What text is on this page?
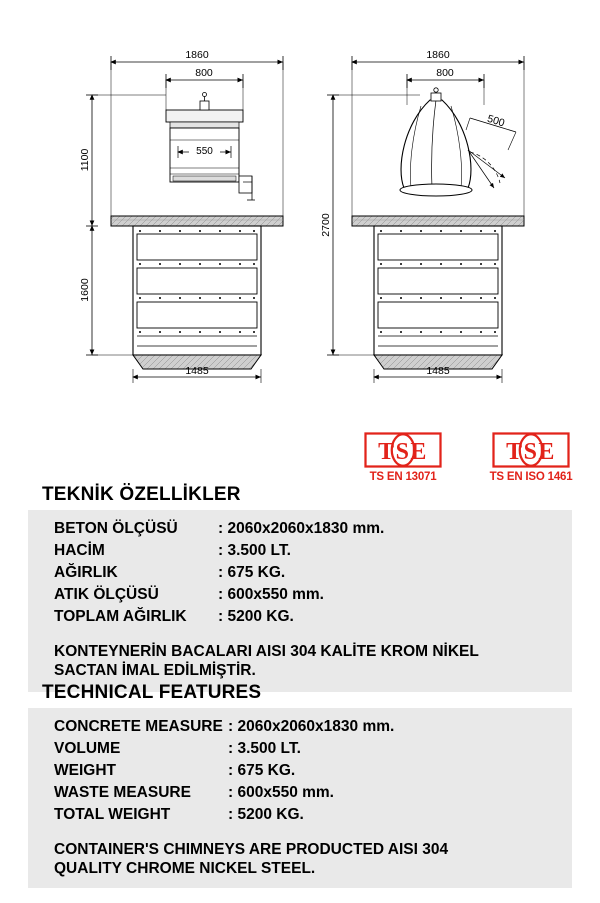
1860
800
1100
1600
550
1485
1860
800
2700
500
1485
TSE
TS EN 13071
TSE
TS EN ISO 1461
TEKNİK ÖZELLİKLER
BETON ÖLÇÜSÜ	: 2060x2060x1830 mm.
HACİM	: 3.500 LT.
AĞIRLIK	: 675 KG.
ATIK ÖLÇÜSÜ	: 600x550 mm.
TOPLAM AĞIRLIK	: 5200 KG.
KONTEYNERİN BACALARI AISI 304 KALİTE KROM NİKEL
SACTAN İMAL EDİLMİŞTİR.
TECHNICAL FEATURES
CONCRETE MEASURE : 2060x2060x1830 mm.
VOLUME	: 3.500 LT.
WEIGHT	: 675 KG.
WASTE MEASURE	: 600x550 mm.
TOTAL WEIGHT	: 5200 KG.
CONTAINER'S CHIMNEYS ARE PRODUCTED AISI 304
QUALITY CHROME NICKEL STEEL.
